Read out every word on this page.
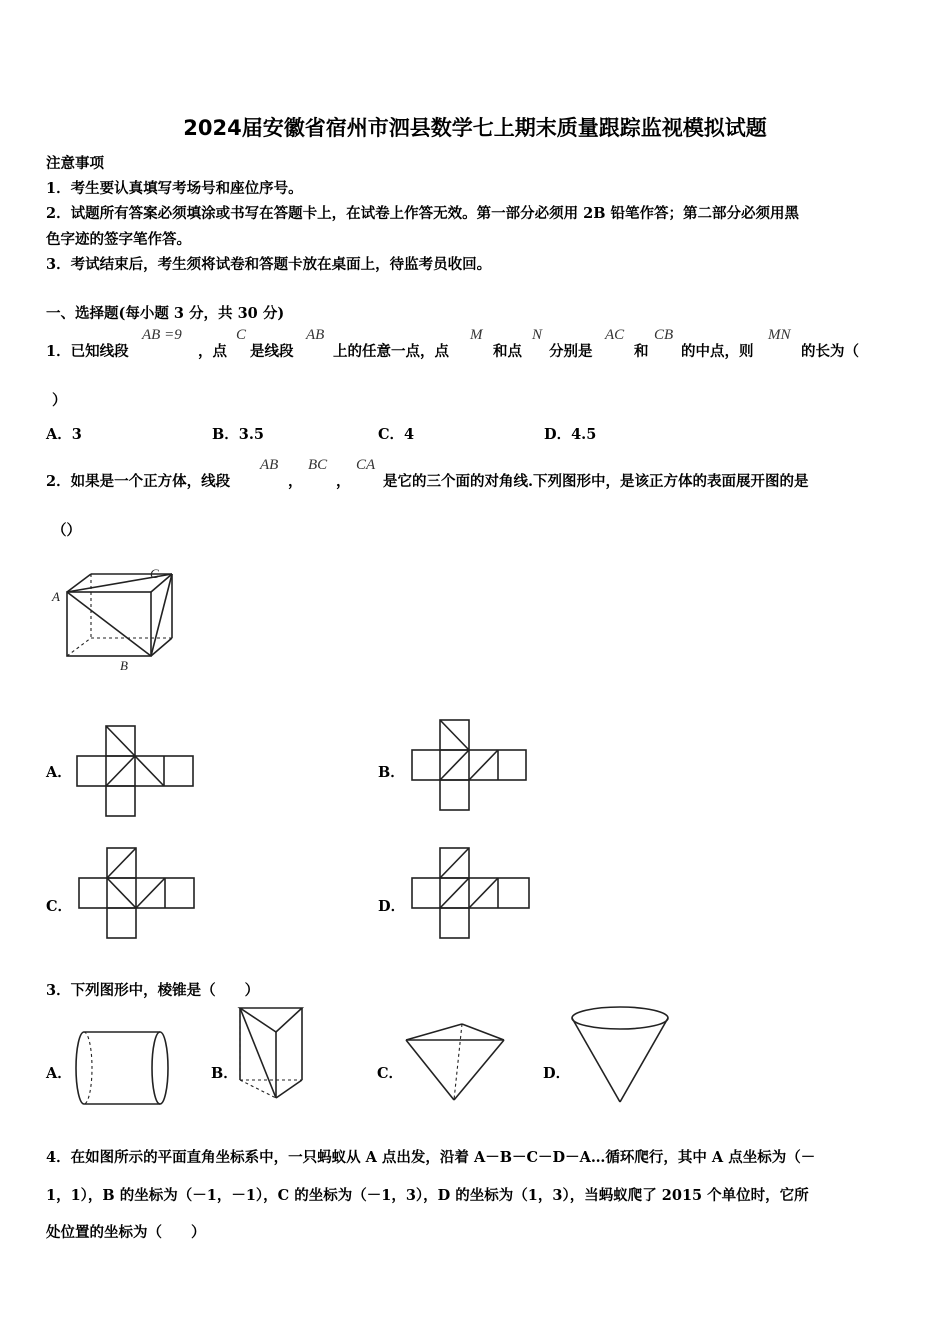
2024届安徽省宿州市泗县数学七上期末质量跟踪监视模拟试题
注意事项
1．考生要认真填写考场号和座位序号。
2．试题所有答案必须填涂或书写在答题卡上，在试卷上作答无效。第一部分必须用 2B 铅笔作答；第二部分必须用黑
色字迹的签字笔作答。
3．考试结束后，考生须将试卷和答题卡放在桌面上，待监考员收回。
一、选择题(每小题 3 分，共 30 分)
1．已知线段
AB =9
，点
C
是线段
AB
上的任意一点，点
M
和点
N
分别是
AC
和
CB
的中点，则
MN
的长为（
）
A．3	B．3.5	C．4	D．4.5
2．如果是一个正方体，线段
AB
，
BC
，
CA
是它的三个面的对角线.下列图形中，是该正方体的表面展开图的是
（）
A
C
B
A．	B．
C．	D．
3．下列图形中，棱锥是（　　）
A．	B．	C．	D．
4．在如图所示的平面直角坐标系中，一只蚂蚁从 A 点出发，沿着 A－B－C－D－A…循环爬行，其中 A 点坐标为（－
1，1），B 的坐标为（－1，－1），C 的坐标为（－1，3），D 的坐标为（1，3），当蚂蚁爬了 2015 个单位时，它所
处位置的坐标为（　　）
